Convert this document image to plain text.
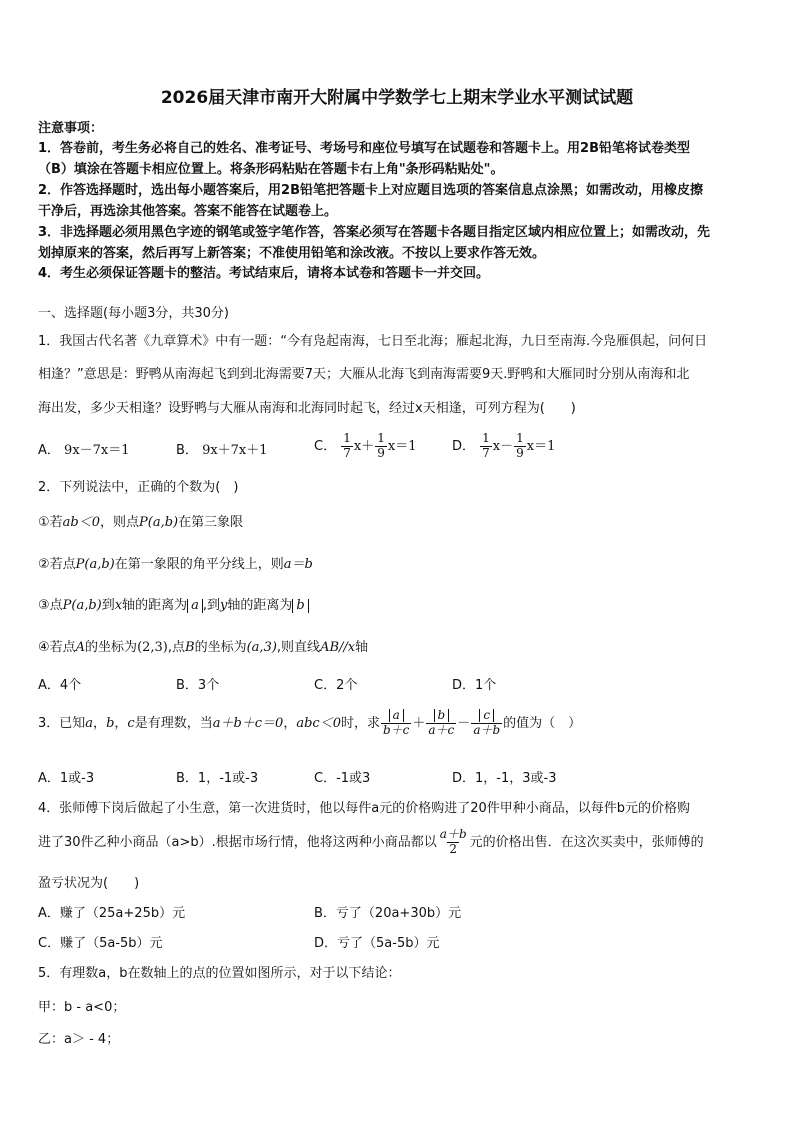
2026届天津市南开大附属中学数学七上期末学业水平测试试题
注意事项：
1．答卷前，考生务必将自己的姓名、准考证号、考场号和座位号填写在试题卷和答题卡上。用2B铅笔将试卷类型
（B）填涂在答题卡相应位置上。将条形码粘贴在答题卡右上角"条形码粘贴处"。
2．作答选择题时，选出每小题答案后，用2B铅笔把答题卡上对应题目选项的答案信息点涂黑；如需改动，用橡皮擦
干净后，再选涂其他答案。答案不能答在试题卷上。
3．非选择题必须用黑色字迹的钢笔或签字笔作答，答案必须写在答题卡各题目指定区域内相应位置上；如需改动，先
划掉原来的答案，然后再写上新答案；不准使用铅笔和涂改液。不按以上要求作答无效。
4．考生必须保证答题卡的整洁。考试结束后，请将本试卷和答题卡一并交回。
一、选择题(每小题3分，共30分)
1．我国古代名著《九章算术》中有一题：“今有凫起南海，七日至北海；雁起北海，九日至南海.今凫雁俱起，问何日
相逢？”意思是：野鸭从南海起飞到到北海需要7天；大雁从北海飞到南海需要9天.野鸭和大雁同时分别从南海和北
海出发，多少天相逢？设野鸭与大雁从南海和北海同时起飞，经过x天相逢，可列方程为(　　)
A． 9x－7x＝1	B． 9x＋7x＋1	C． $\frac{1}{7} x+ \frac{1}{9} x=1$	D． $\frac{1}{7} x- \frac{1}{9} x=1$
2．下列说法中，正确的个数为(　)
①若ab＜0，则点P(a,b)在第三象限
②若点P(a,b)在第一象限的角平分线上，则a＝b
③点P(a,b)到x轴的距离为 a ,到y轴的距离为 b
④若点A的坐标为(2,3),点B的坐标为(a,3),则直线AB//x轴
A．4个	B．3个	C．2个	D．1个
3．已知a，b，c是有理数，当a＋b＋c＝0，abc＜0时，求 $\frac{a}{b+c} + \frac{b}{a+c} - \frac{c}{a+b}$ 的值为（　）
A．1或-3	B．1，-1或-3	C．-1或3	D．1，-1，3或-3
4．张师傅下岗后做起了小生意，第一次进货时，他以每件a元的价格购进了20件甲种小商品，以每件b元的价格购
进了30件乙种小商品（a>b）.根据市场行情，他将这两种小商品都以 $\frac{a+b}{2}$ 元的价格出售．在这次买卖中，张师傅的
盈亏状况为(　　)
A．赚了（25a+25b）元	B．亏了（20a+30b）元
C．赚了（5a-5b）元	D．亏了（5a-5b）元
5．有理数a，b在数轴上的点的位置如图所示，对于以下结论：
甲：b - a<0；
乙：a＞ - 4；
